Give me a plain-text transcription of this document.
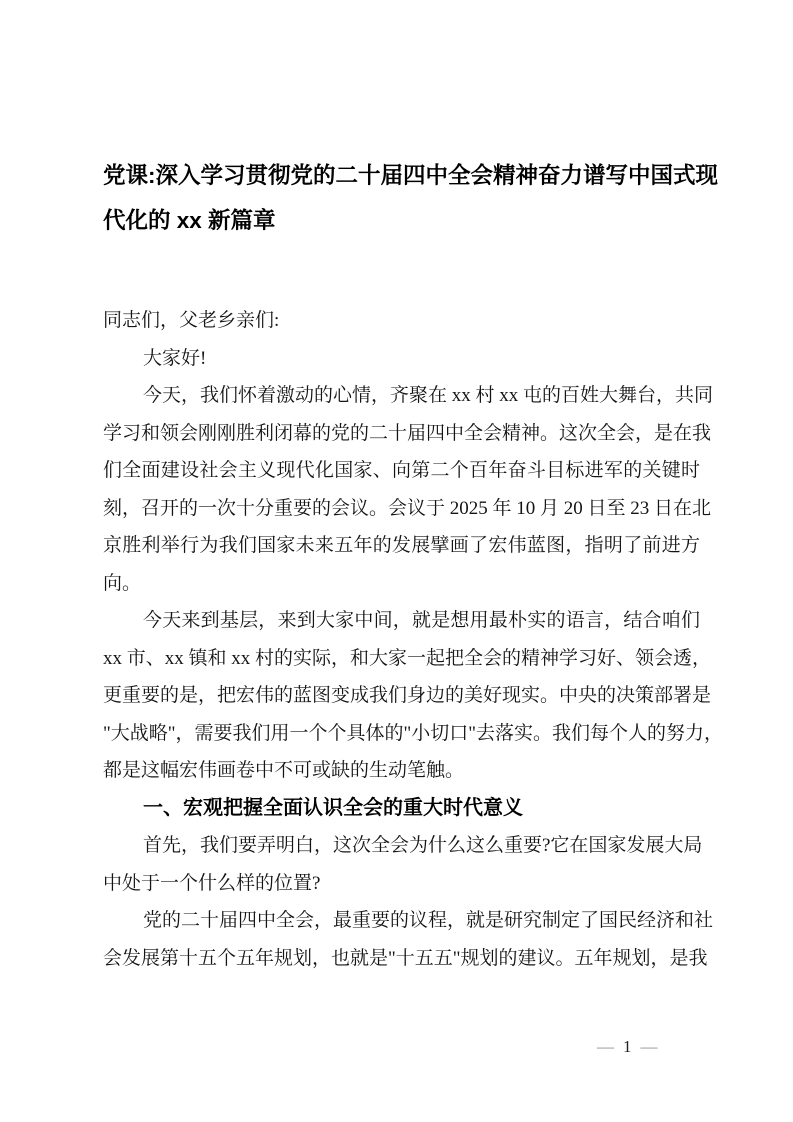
党课:深入学习贯彻党的二十届四中全会精神奋力谱写中国式现
代化的 xx 新篇章
同志们，父老乡亲们:
大家好!
今天，我们怀着激动的心情，齐聚在 xx 村 xx 屯的百姓大舞台，共同
学习和领会刚刚胜利闭幕的党的二十届四中全会精神。这次全会，是在我
们全面建设社会主义现代化国家、向第二个百年奋斗目标进军的关键时
刻，召开的一次十分重要的会议。会议于 2025 年 10 月 20 日至 23 日在北
京胜利举行为我们国家未来五年的发展擘画了宏伟蓝图，指明了前进方
向。
今天来到基层，来到大家中间，就是想用最朴实的语言，结合咱们
xx 市、xx 镇和 xx 村的实际，和大家一起把全会的精神学习好、领会透，
更重要的是，把宏伟的蓝图变成我们身边的美好现实。中央的决策部署是
"大战略"，需要我们用一个个具体的"小切口"去落实。我们每个人的努力，
都是这幅宏伟画卷中不可或缺的生动笔触。
一、宏观把握全面认识全会的重大时代意义
首先，我们要弄明白，这次全会为什么这么重要?它在国家发展大局
中处于一个什么样的位置?
党的二十届四中全会，最重要的议程，就是研究制定了国民经济和社
会发展第十五个五年规划，也就是"十五五"规划的建议。五年规划，是我
— 1 —
